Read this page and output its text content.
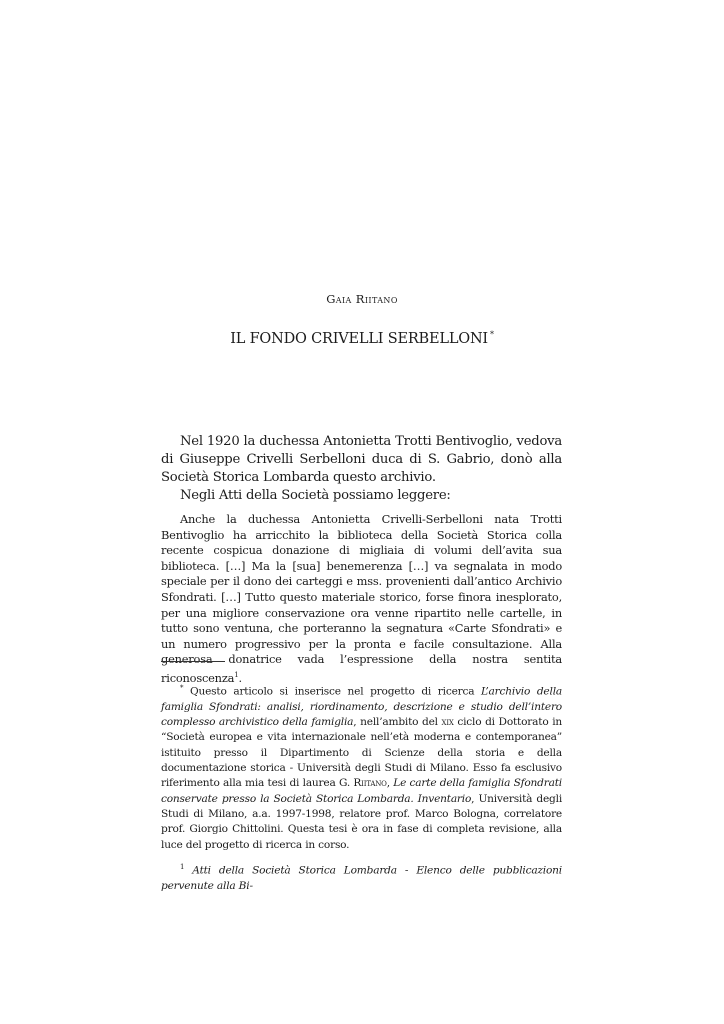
Gaia Riitano
IL FONDO CRIVELLI SERBELLONI *

Nel 1920 la duchessa Antonietta Trotti Bentivoglio, vedova di Giuseppe Crivelli Serbelloni duca di S. Gabrio, donò alla Società Storica Lombarda questo archivio.

Negli Atti della Società possiamo leggere:

Anche la duchessa Antonietta Crivelli-Serbelloni nata Trotti Bentivoglio ha arricchito la biblioteca della Società Storica colla recente cospicua donazione di migliaia di volumi dell’avita sua biblioteca. […] Ma la [sua] benemerenza […] va segnalata in modo speciale per il dono dei carteggi e mss. provenienti dall’antico Archivio Sfondrati. […] Tutto questo materiale storico, forse finora inesplorato, per una migliore conservazione ora venne ripartito nelle cartelle, in tutto sono ventuna, che porteranno la segnatura «Carte Sfondrati» e un numero progressivo per la pronta e facile consultazione. Alla generosa donatrice vada l’espressione della nostra sentita riconoscenza$^1$.

* Questo articolo si inserisce nel progetto di ricerca L’archivio della famiglia Sfondrati: analisi, riordinamento, descrizione e studio dell’intero complesso archivistico della famiglia, nell’ambito del xix ciclo di Dottorato in “Società europea e vita internazionale nell’età moderna e contemporanea” istituito presso il Dipartimento di Scienze della storia e della documentazione storica - Università degli Studi di Milano. Esso fa esclusivo riferimento alla mia tesi di laurea G. Riitano, Le carte della famiglia Sfondrati conservate presso la Società Storica Lombarda. Inventario, Università degli Studi di Milano, a.a. 1997-1998, relatore prof. Marco Bologna, correlatore prof. Giorgio Chittolini. Questa tesi è ora in fase di completa revisione, alla luce del progetto di ricerca in corso.

$^1$ Atti della Società Storica Lombarda - Elenco delle pubblicazioni pervenute alla Bi-
